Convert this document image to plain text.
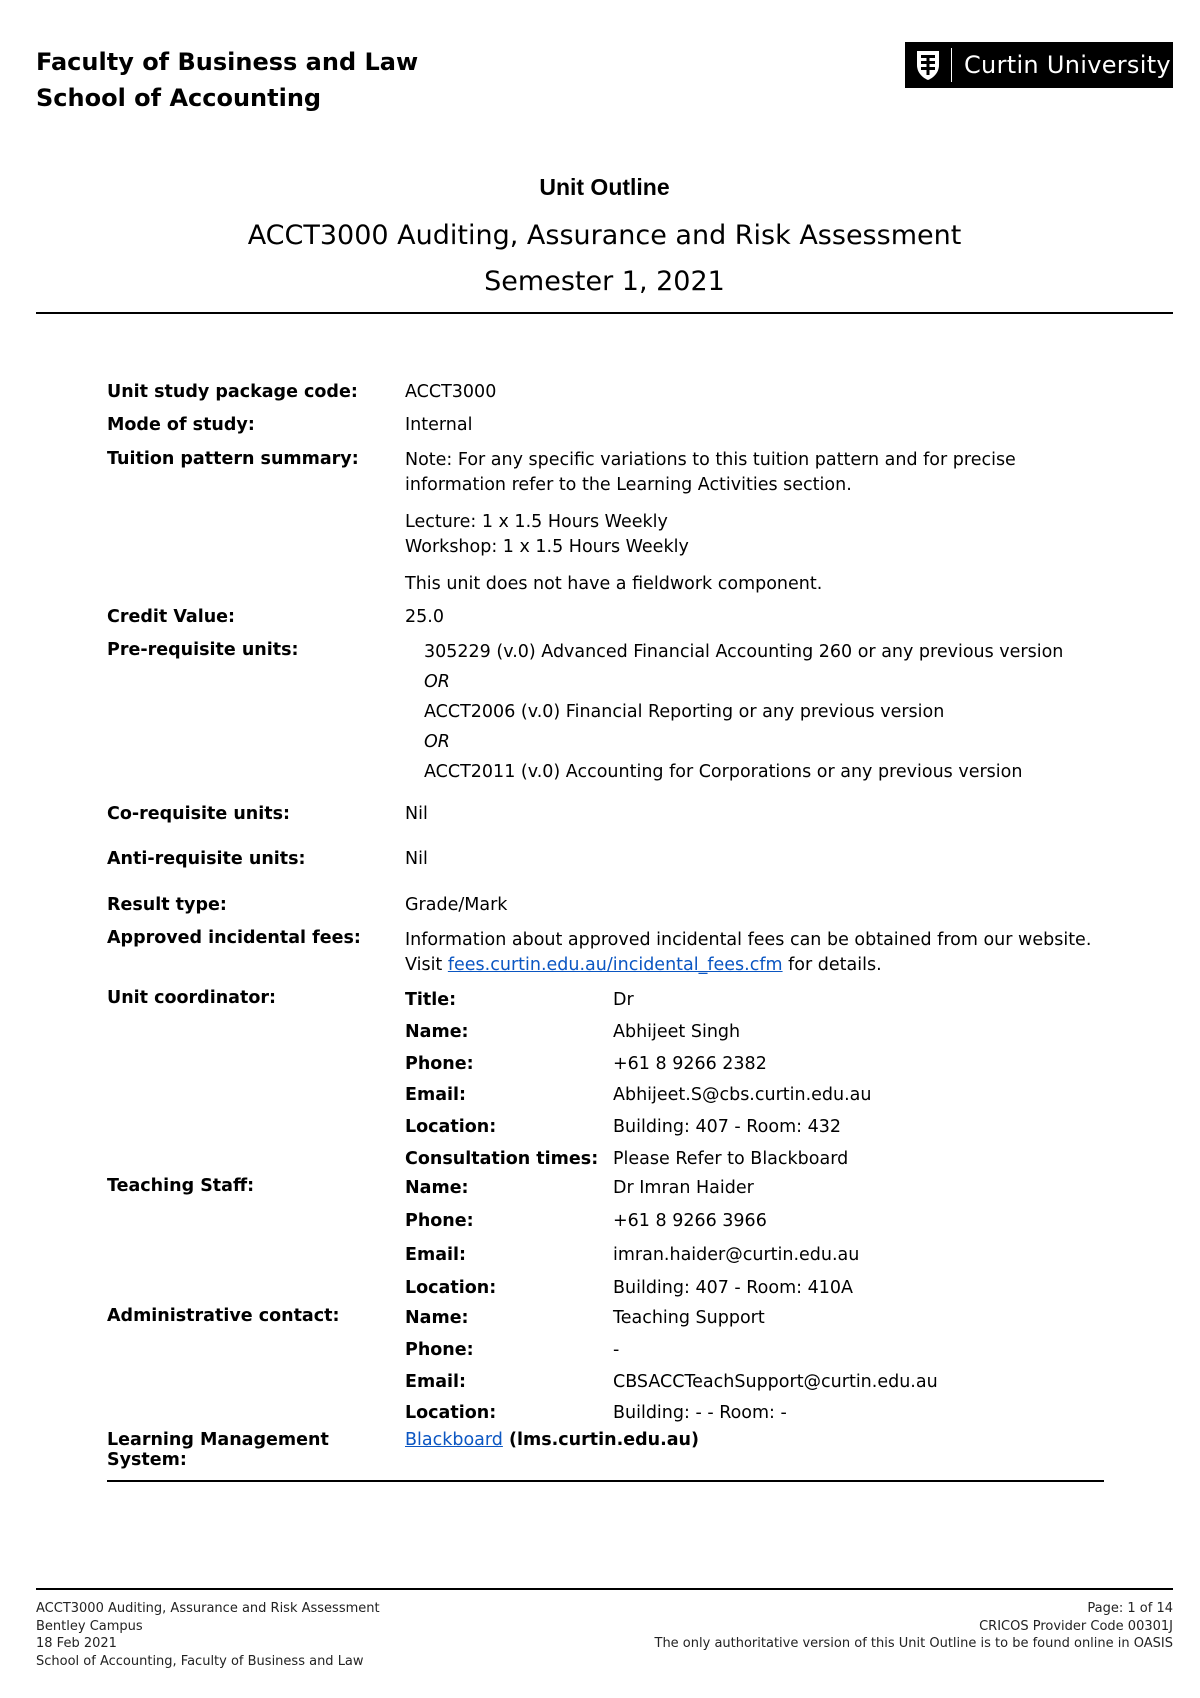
Faculty of Business and Law
School of Accounting
Curtin University
Unit Outline
ACCT3000 Auditing, Assurance and Risk Assessment
Semester 1, 2021
Unit study package code:	ACCT3000
Mode of study:	Internal
Tuition pattern summary:	Note: For any specific variations to this tuition pattern and for precise information refer to the Learning Activities section.

Lecture: 1 x 1.5 Hours Weekly

Workshop: 1 x 1.5 Hours Weekly

This unit does not have a fieldwork component.

Credit Value:	25.0
Pre-requisite units:	305229 (v.0) Advanced Financial Accounting 260 or any previous version
OR
ACCT2006 (v.0) Financial Reporting or any previous version
OR
ACCT2011 (v.0) Accounting for Corporations or any previous version
Co-requisite units:	Nil
Anti-requisite units:	Nil
Result type:	Grade/Mark
Approved incidental fees:	Information about approved incidental fees can be obtained from our website.

Visit fees.curtin.edu.au/incidental_fees.cfm for details.

Unit coordinator:	Title:	Dr
Name:	Abhijeet Singh
Phone:	+61 8 9266 2382
Email:	Abhijeet.S@cbs.curtin.edu.au
Location:	Building: 407 - Room: 432
Consultation times: Please Refer to Blackboard
Teaching Staff:	Name:	Dr Imran Haider
Phone:	+61 8 9266 3966
Email:	imran.haider@curtin.edu.au
Location:	Building: 407 - Room: 410A
Administrative contact:	Name:	Teaching Support
Phone:	-
Email:	CBSACCTeachSupport@curtin.edu.au
Location:	Building: - - Room: -
Learning Management System:
Blackboard (lms.curtin.edu.au)
ACCT3000 Auditing, Assurance and Risk Assessment
Bentley Campus
18 Feb 2021
School of Accounting, Faculty of Business and Law
Page: 1 of 14
CRICOS Provider Code 00301J
The only authoritative version of this Unit Outline is to be found online in OASIS
